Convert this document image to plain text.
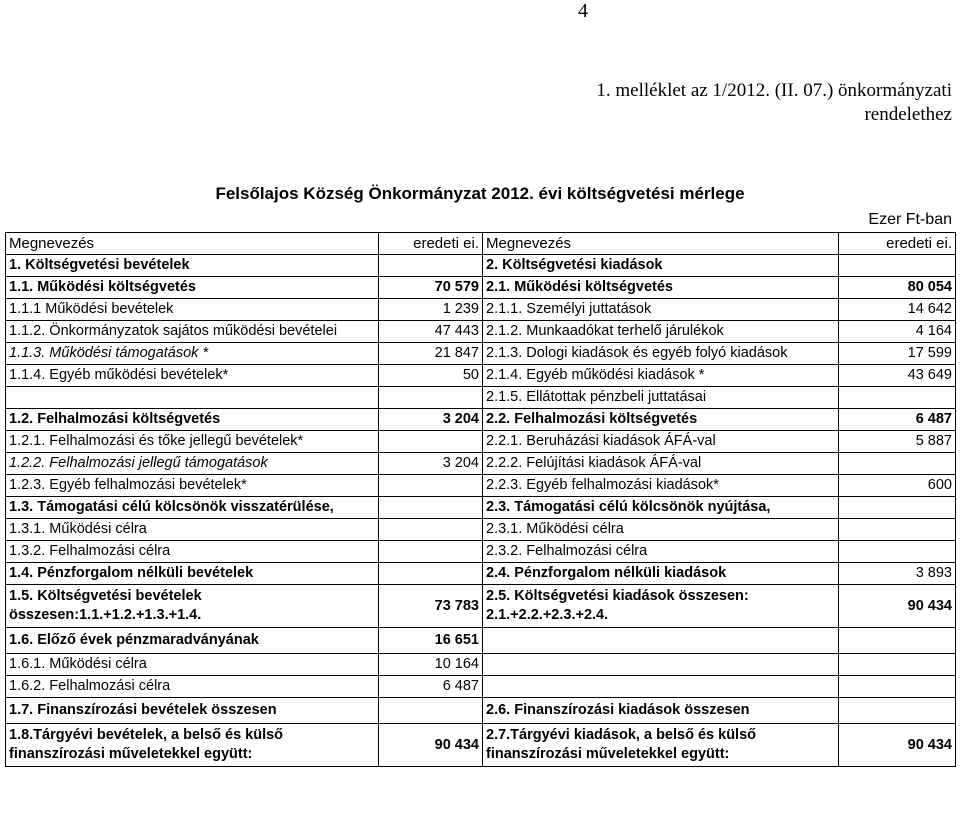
4
1. melléklet az 1/2012. (II. 07.) önkormányzati
rendelethez
Felsőlajos Község Önkormányzat 2012. évi költségvetési mérlege
Ezer Ft-ban
Megnevezés	eredeti ei.	Megnevezés	eredeti ei.
1. Költségvetési bevételek		2. Költségvetési kiadások	
1.1. Működési költségvetés	70 579	2.1. Működési költségvetés	80 054
1.1.1 Működési bevételek	1 239	2.1.1. Személyi juttatások	14 642
1.1.2. Önkormányzatok sajátos működési bevételei	47 443	2.1.2. Munkaadókat terhelő járulékok	4 164
1.1.3. Működési támogatások *	21 847	2.1.3. Dologi kiadások és egyéb folyó kiadások	17 599
1.1.4. Egyéb működési bevételek*	50	2.1.4. Egyéb működési kiadások *	43 649
		2.1.5. Ellátottak pénzbeli juttatásai	
1.2. Felhalmozási költségvetés	3 204	2.2. Felhalmozási költségvetés	6 487
1.2.1. Felhalmozási és tőke jellegű bevételek*		2.2.1. Beruházási kiadások ÁFÁ-val	5 887
1.2.2. Felhalmozási jellegű támogatások	3 204	2.2.2. Felújítási kiadások ÁFÁ-val	
1.2.3. Egyéb felhalmozási bevételek*		2.2.3. Egyéb felhalmozási kiadások*	600
1.3. Támogatási célú kölcsönök visszatérülése,		2.3. Támogatási célú kölcsönök nyújtása,	
1.3.1. Működési célra		2.3.1. Működési célra	
1.3.2. Felhalmozási célra		2.3.2. Felhalmozási célra	
1.4. Pénzforgalom nélküli bevételek		2.4. Pénzforgalom nélküli kiadások	3 893
1.5. Költségvetési bevételek összesen:1.1.+1.2.+1.3.+1.4.	73 783	2.5. Költségvetési kiadások összesen: 2.1.+2.2.+2.3.+2.4.	90 434
1.6. Előző évek pénzmaradványának	16 651		
1.6.1. Működési célra	10 164		
1.6.2. Felhalmozási célra	6 487		
1.7. Finanszírozási bevételek összesen		2.6. Finanszírozási kiadások összesen	
1.8.Tárgyévi bevételek, a belső és külső finanszírozási műveletekkel együtt:	90 434	2.7.Tárgyévi kiadások, a belső és külső finanszírozási műveletekkel együtt:	90 434
